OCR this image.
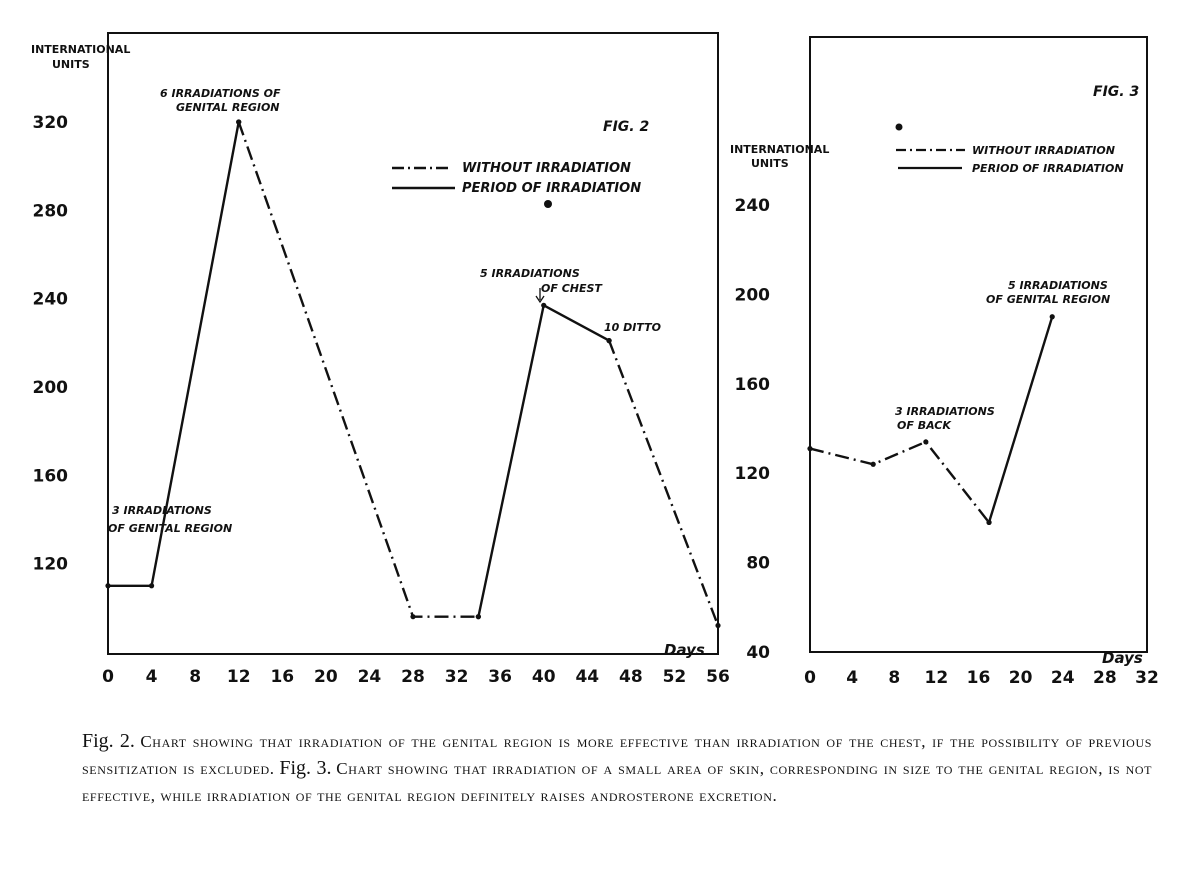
0 4 8 12 16 20 24 28 32 36 40 44 48 52 56
120
160
200
240
280
320
INTERNATIONAL
UNITS
FIG. 2
Days
WITHOUT IRRADIATION
PERIOD OF IRRADIATION
3 IRRADIATIONS
OF GENITAL REGION
6 IRRADIATIONS OF
GENITAL REGION
5 IRRADIATIONS
OF CHEST
10 DITTO
0 4 8 12 16 20 24 28 32
40
80
120
160
200
240
INTERNATIONAL
UNITS
FIG. 3
Days
WITHOUT IRRADIATION
PERIOD OF IRRADIATION
3 IRRADIATIONS
OF BACK
5 IRRADIATIONS
OF GENITAL REGION
Fig. 2. Chart showing that irradiation of the genital region is more effective than irradiation of the chest, if the possibility of previous sensitization is excluded. Fig. 3. Chart showing that irradiation of a small area of skin, corresponding in size to the genital region, is not effective, while irradiation of the genital region definitely raises androsterone excretion.
